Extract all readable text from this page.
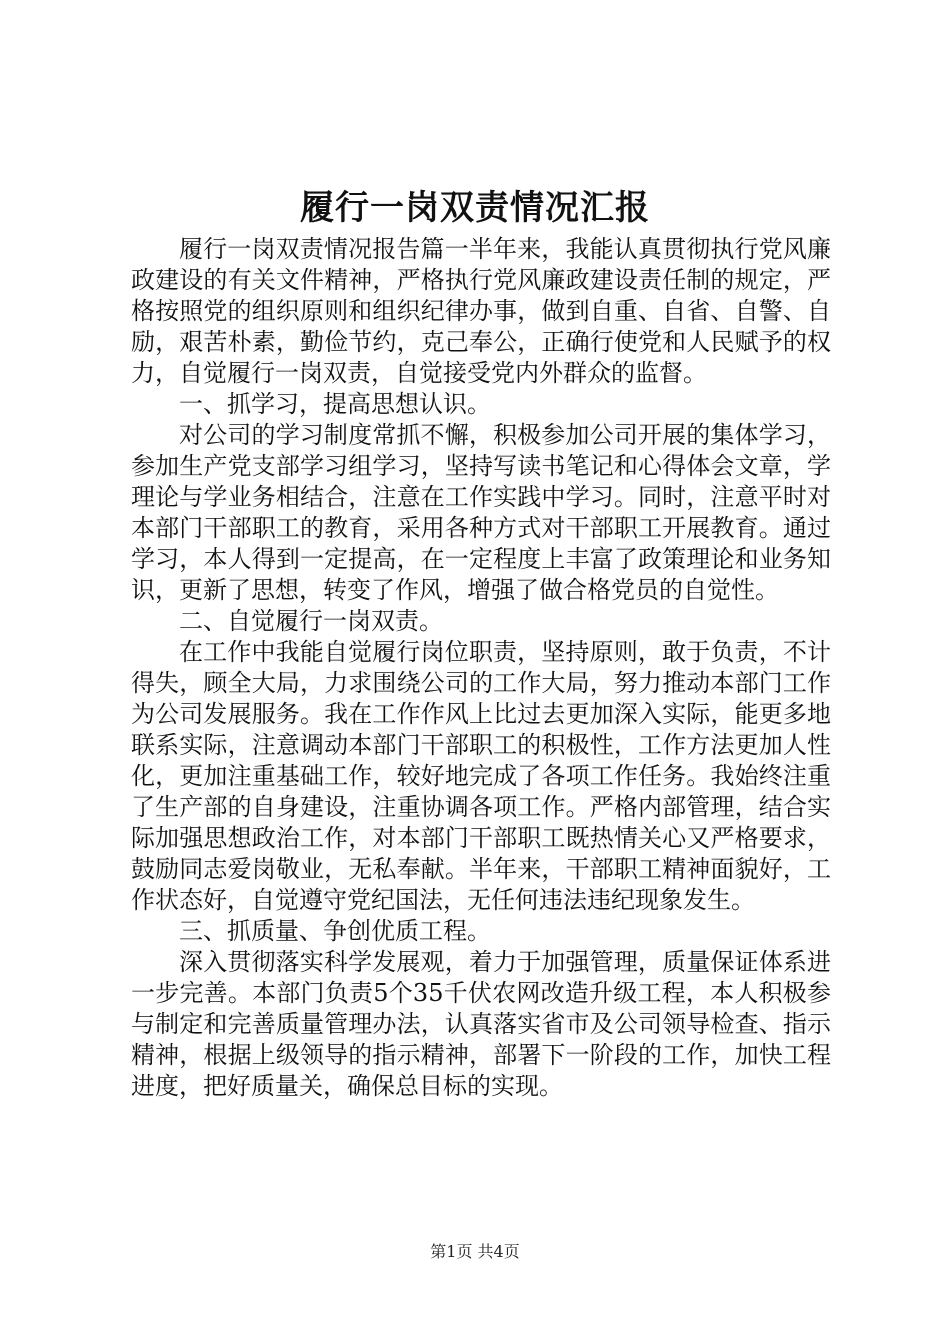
履行一岗双责情况汇报

履行一岗双责情况报告篇一半年来，我能认真贯彻执行党风廉政建设的有关文件精神，严格执行党风廉政建设责任制的规定，严格按照党的组织原则和组织纪律办事，做到自重、自省、自警、自励，艰苦朴素，勤俭节约，克己奉公，正确行使党和人民赋予的权力，自觉履行一岗双责，自觉接受党内外群众的监督。

一、抓学习，提高思想认识。

对公司的学习制度常抓不懈，积极参加公司开展的集体学习，参加生产党支部学习组学习，坚持写读书笔记和心得体会文章，学理论与学业务相结合，注意在工作实践中学习。同时，注意平时对本部门干部职工的教育，采用各种方式对干部职工开展教育。通过学习，本人得到一定提高，在一定程度上丰富了政策理论和业务知识，更新了思想，转变了作风，增强了做合格党员的自觉性。

二、自觉履行一岗双责。

在工作中我能自觉履行岗位职责，坚持原则，敢于负责，不计得失，顾全大局，力求围绕公司的工作大局，努力推动本部门工作为公司发展服务。我在工作作风上比过去更加深入实际，能更多地联系实际，注意调动本部门干部职工的积极性，工作方法更加人性化，更加注重基础工作，较好地完成了各项工作任务。我始终注重了生产部的自身建设，注重协调各项工作。严格内部管理，结合实际加强思想政治工作，对本部门干部职工既热情关心又严格要求，鼓励同志爱岗敬业，无私奉献。半年来，干部职工精神面貌好，工作状态好，自觉遵守党纪国法，无任何违法违纪现象发生。

三、抓质量、争创优质工程。

深入贯彻落实科学发展观，着力于加强管理，质量保证体系进一步完善。本部门负责5个35千伏农网改造升级工程，本人积极参与制定和完善质量管理办法，认真落实省市及公司领导检查、指示精神，根据上级领导的指示精神，部署下一阶段的工作，加快工程进度，把好质量关，确保总目标的实现。

第1页 共4页
